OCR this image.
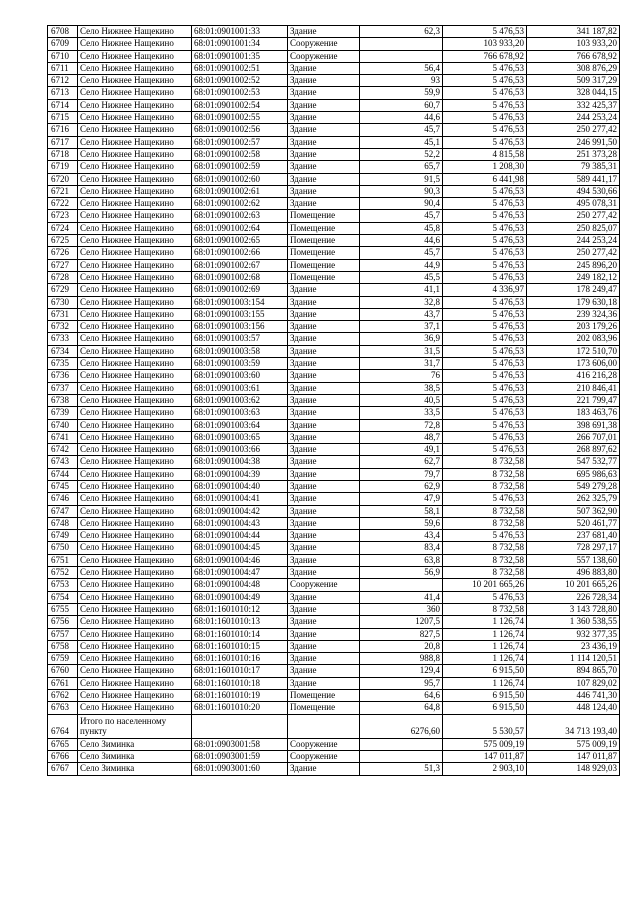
6708	Село Нижнее Нащекино	68:01:0901001:33	Здание	62,3	5 476,53	341 187,82
6709	Село Нижнее Нащекино	68:01:0901001:34	Сооружение		103 933,20	103 933,20
6710	Село Нижнее Нащекино	68:01:0901001:35	Сооружение		766 678,92	766 678,92
6711	Село Нижнее Нащекино	68:01:0901002:51	Здание	56,4	5 476,53	308 876,29
6712	Село Нижнее Нащекино	68:01:0901002:52	Здание	93	5 476,53	509 317,29
6713	Село Нижнее Нащекино	68:01:0901002:53	Здание	59,9	5 476,53	328 044,15
6714	Село Нижнее Нащекино	68:01:0901002:54	Здание	60,7	5 476,53	332 425,37
6715	Село Нижнее Нащекино	68:01:0901002:55	Здание	44,6	5 476,53	244 253,24
6716	Село Нижнее Нащекино	68:01:0901002:56	Здание	45,7	5 476,53	250 277,42
6717	Село Нижнее Нащекино	68:01:0901002:57	Здание	45,1	5 476,53	246 991,50
6718	Село Нижнее Нащекино	68:01:0901002:58	Здание	52,2	4 815,58	251 373,28
6719	Село Нижнее Нащекино	68:01:0901002:59	Здание	65,7	1 208,30	79 385,31
6720	Село Нижнее Нащекино	68:01:0901002:60	Здание	91,5	6 441,98	589 441,17
6721	Село Нижнее Нащекино	68:01:0901002:61	Здание	90,3	5 476,53	494 530,66
6722	Село Нижнее Нащекино	68:01:0901002:62	Здание	90,4	5 476,53	495 078,31
6723	Село Нижнее Нащекино	68:01:0901002:63	Помещение	45,7	5 476,53	250 277,42
6724	Село Нижнее Нащекино	68:01:0901002:64	Помещение	45,8	5 476,53	250 825,07
6725	Село Нижнее Нащекино	68:01:0901002:65	Помещение	44,6	5 476,53	244 253,24
6726	Село Нижнее Нащекино	68:01:0901002:66	Помещение	45,7	5 476,53	250 277,42
6727	Село Нижнее Нащекино	68:01:0901002:67	Помещение	44,9	5 476,53	245 896,20
6728	Село Нижнее Нащекино	68:01:0901002:68	Помещение	45,5	5 476,53	249 182,12
6729	Село Нижнее Нащекино	68:01:0901002:69	Здание	41,1	4 336,97	178 249,47
6730	Село Нижнее Нащекино	68:01:0901003:154	Здание	32,8	5 476,53	179 630,18
6731	Село Нижнее Нащекино	68:01:0901003:155	Здание	43,7	5 476,53	239 324,36
6732	Село Нижнее Нащекино	68:01:0901003:156	Здание	37,1	5 476,53	203 179,26
6733	Село Нижнее Нащекино	68:01:0901003:57	Здание	36,9	5 476,53	202 083,96
6734	Село Нижнее Нащекино	68:01:0901003:58	Здание	31,5	5 476,53	172 510,70
6735	Село Нижнее Нащекино	68:01:0901003:59	Здание	31,7	5 476,53	173 606,00
6736	Село Нижнее Нащекино	68:01:0901003:60	Здание	76	5 476,53	416 216,28
6737	Село Нижнее Нащекино	68:01:0901003:61	Здание	38,5	5 476,53	210 846,41
6738	Село Нижнее Нащекино	68:01:0901003:62	Здание	40,5	5 476,53	221 799,47
6739	Село Нижнее Нащекино	68:01:0901003:63	Здание	33,5	5 476,53	183 463,76
6740	Село Нижнее Нащекино	68:01:0901003:64	Здание	72,8	5 476,53	398 691,38
6741	Село Нижнее Нащекино	68:01:0901003:65	Здание	48,7	5 476,53	266 707,01
6742	Село Нижнее Нащекино	68:01:0901003:66	Здание	49,1	5 476,53	268 897,62
6743	Село Нижнее Нащекино	68:01:0901004:38	Здание	62,7	8 732,58	547 532,77
6744	Село Нижнее Нащекино	68:01:0901004:39	Здание	79,7	8 732,58	695 986,63
6745	Село Нижнее Нащекино	68:01:0901004:40	Здание	62,9	8 732,58	549 279,28
6746	Село Нижнее Нащекино	68:01:0901004:41	Здание	47,9	5 476,53	262 325,79
6747	Село Нижнее Нащекино	68:01:0901004:42	Здание	58,1	8 732,58	507 362,90
6748	Село Нижнее Нащекино	68:01:0901004:43	Здание	59,6	8 732,58	520 461,77
6749	Село Нижнее Нащекино	68:01:0901004:44	Здание	43,4	5 476,53	237 681,40
6750	Село Нижнее Нащекино	68:01:0901004:45	Здание	83,4	8 732,58	728 297,17
6751	Село Нижнее Нащекино	68:01:0901004:46	Здание	63,8	8 732,58	557 138,60
6752	Село Нижнее Нащекино	68:01:0901004:47	Здание	56,9	8 732,58	496 883,80
6753	Село Нижнее Нащекино	68:01:0901004:48	Сооружение		10 201 665,26	10 201 665,26
6754	Село Нижнее Нащекино	68:01:0901004:49	Здание	41,4	5 476,53	226 728,34
6755	Село Нижнее Нащекино	68:01:1601010:12	Здание	360	8 732,58	3 143 728,80
6756	Село Нижнее Нащекино	68:01:1601010:13	Здание	1207,5	1 126,74	1 360 538,55
6757	Село Нижнее Нащекино	68:01:1601010:14	Здание	827,5	1 126,74	932 377,35
6758	Село Нижнее Нащекино	68:01:1601010:15	Здание	20,8	1 126,74	23 436,19
6759	Село Нижнее Нащекино	68:01:1601010:16	Здание	988,8	1 126,74	1 114 120,51
6760	Село Нижнее Нащекино	68:01:1601010:17	Здание	129,4	6 915,50	894 865,70
6761	Село Нижнее Нащекино	68:01:1601010:18	Здание	95,7	1 126,74	107 829,02
6762	Село Нижнее Нащекино	68:01:1601010:19	Помещение	64,6	6 915,50	446 741,30
6763	Село Нижнее Нащекино	68:01:1601010:20	Помещение	64,8	6 915,50	448 124,40
6764	Итого по населенному пункту			6276,60	5 530,57	34 713 193,40
6765	Село Зиминка	68:01:0903001:58	Сооружение		575 009,19	575 009,19
6766	Село Зиминка	68:01:0903001:59	Сооружение		147 011,87	147 011,87
6767	Село Зиминка	68:01:0903001:60	Здание	51,3	2 903,10	148 929,03
